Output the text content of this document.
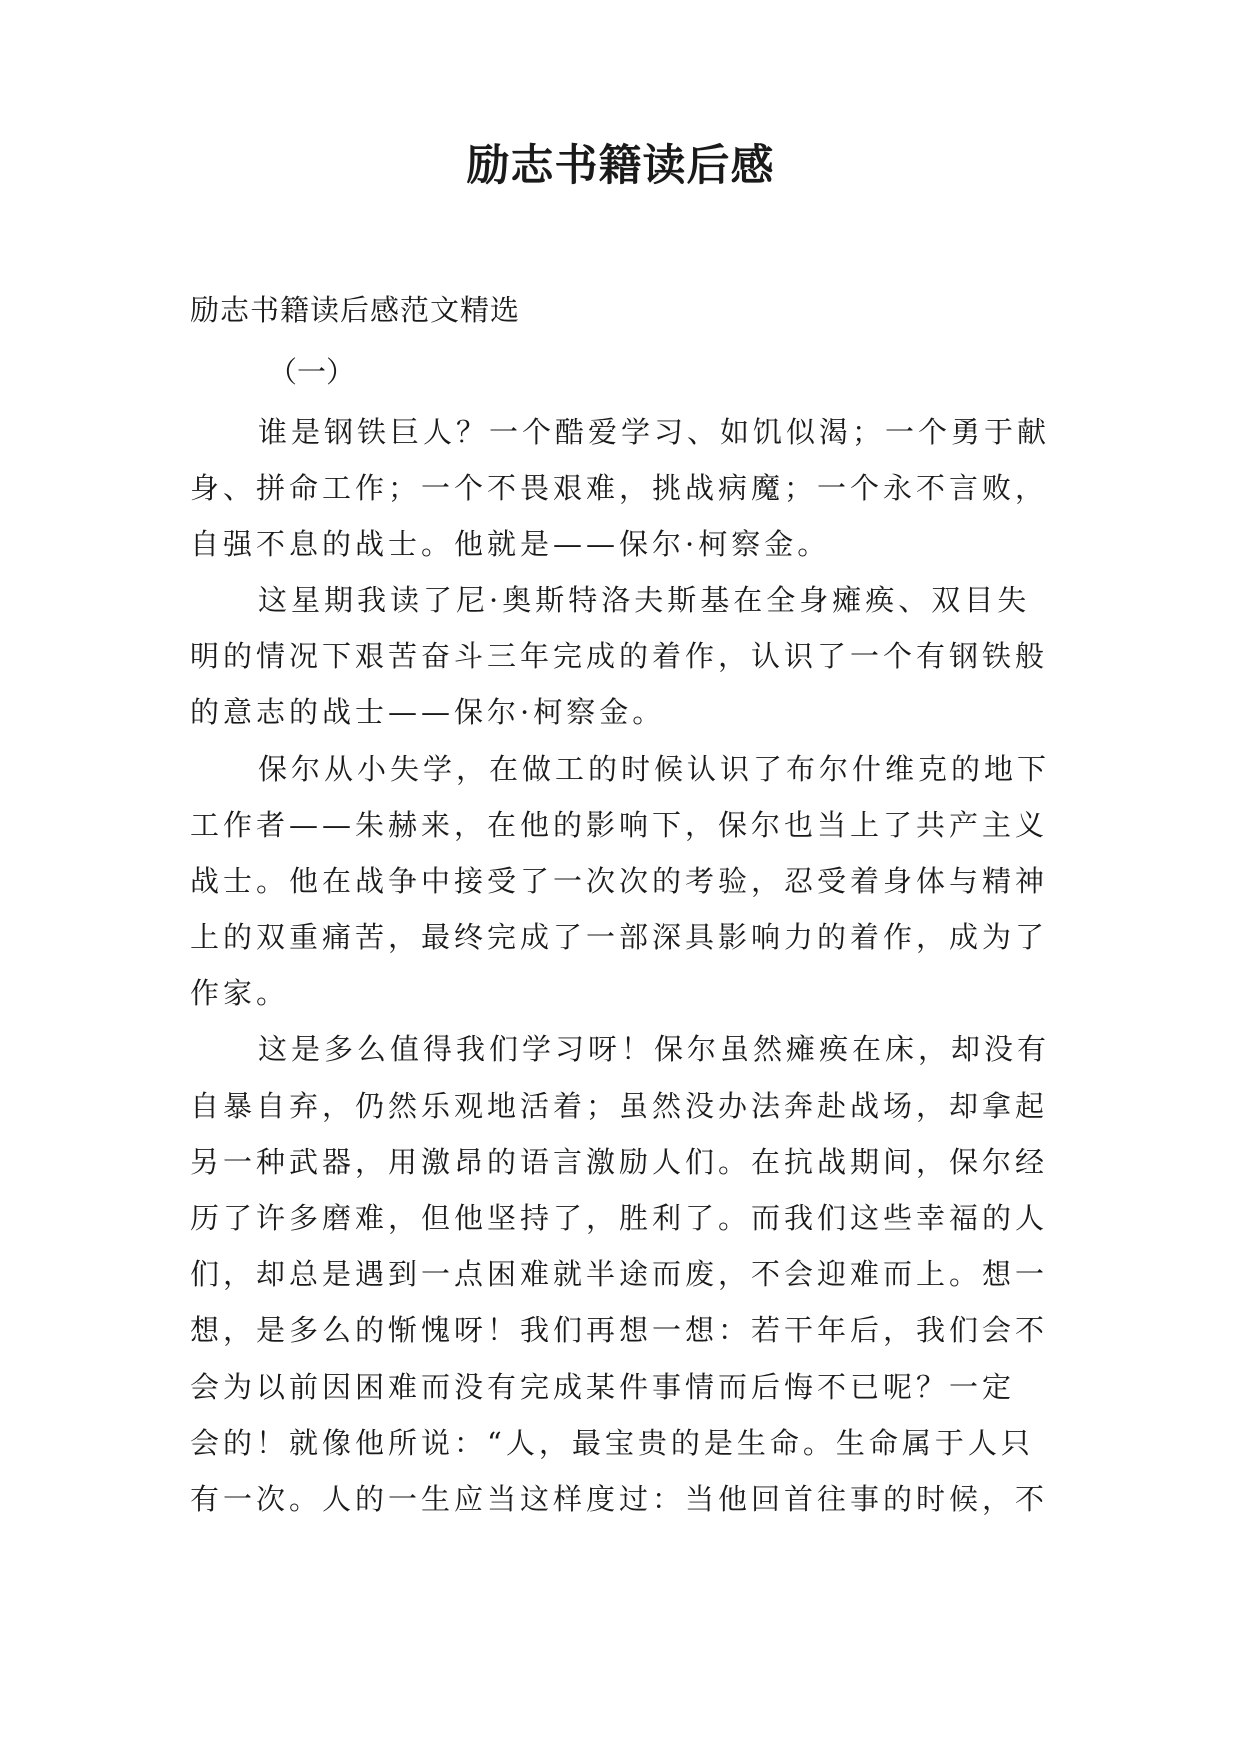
励志书籍读后感

励志书籍读后感范文精选

（一）

谁是钢铁巨人？一个酷爱学习、如饥似渴；一个勇于献

身、拼命工作；一个不畏艰难，挑战病魔；一个永不言败，

自强不息的战士。他就是——保尔·柯察金。

这星期我读了尼·奥斯特洛夫斯基在全身瘫痪、双目失

明的情况下艰苦奋斗三年完成的着作，认识了一个有钢铁般

的意志的战士——保尔·柯察金。

保尔从小失学，在做工的时候认识了布尔什维克的地下

工作者——朱赫来，在他的影响下，保尔也当上了共产主义

战士。他在战争中接受了一次次的考验，忍受着身体与精神

上的双重痛苦，最终完成了一部深具影响力的着作，成为了

作家。

这是多么值得我们学习呀！保尔虽然瘫痪在床，却没有

自暴自弃，仍然乐观地活着；虽然没办法奔赴战场，却拿起

另一种武器，用激昂的语言激励人们。在抗战期间，保尔经

历了许多磨难，但他坚持了，胜利了。而我们这些幸福的人

们，却总是遇到一点困难就半途而废，不会迎难而上。想一

想，是多么的惭愧呀！我们再想一想：若干年后，我们会不

会为以前因困难而没有完成某件事情而后悔不已呢？一定

会的！就像他所说：“人，最宝贵的是生命。生命属于人只

有一次。人的一生应当这样度过：当他回首往事的时候，不
